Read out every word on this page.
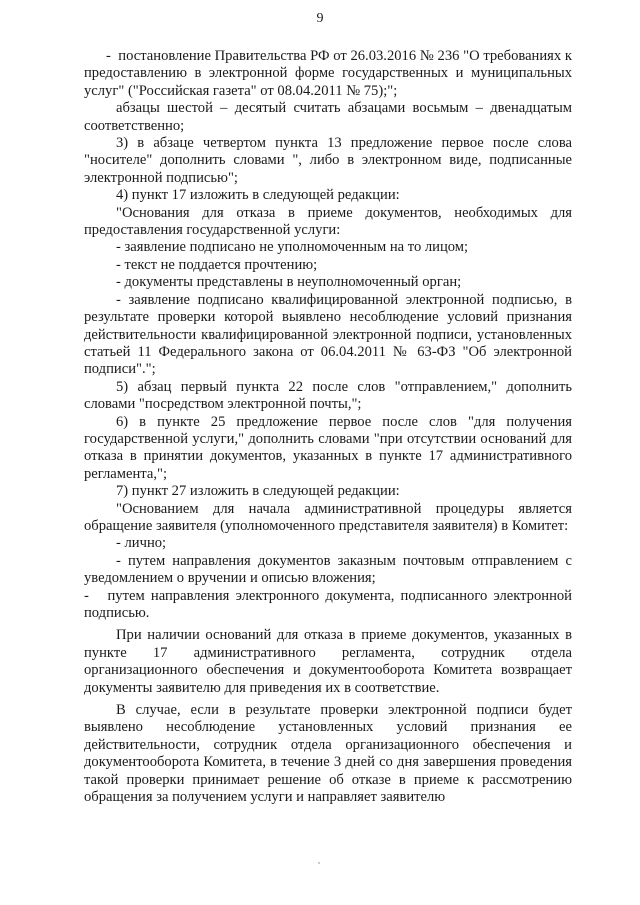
9

-  постановление Правительства РФ от 26.03.2016 № 236 "О требованиях к предоставлению в электронной форме государственных и муниципальных услуг" ("Российская газета" от 08.04.2011 № 75);";

абзацы шестой – десятый считать абзацами восьмым – двенадцатым соответственно;

3) в абзаце четвертом пункта 13 предложение первое после слова "носителе" дополнить словами ", либо в электронном виде, подписанные электронной подписью";

4) пункт 17 изложить в следующей редакции:

"Основания для отказа в приеме документов, необходимых для предоставления государственной услуги:

- заявление подписано не уполномоченным на то лицом;

- текст не поддается прочтению;

- документы представлены в неуполномоченный орган;

- заявление подписано квалифицированной электронной подписью, в результате проверки которой выявлено несоблюдение условий признания действительности квалифицированной электронной подписи, установленных статьей 11 Федерального закона от 06.04.2011 № 63-ФЗ "Об электронной подписи".";

5) абзац первый пункта 22 после слов "отправлением," дополнить словами "посредством электронной почты,";

6) в пункте 25 предложение первое после слов "для получения государственной услуги," дополнить словами "при отсутствии оснований для отказа в принятии документов, указанных в пункте 17 административного регламента,";

7) пункт 27 изложить в следующей редакции:

"Основанием для начала административной процедуры является обращение заявителя (уполномоченного представителя заявителя) в Комитет:

- лично;

- путем направления документов заказным почтовым отправлением с уведомлением о вручении и описью вложения;

-   путем направления электронного документа, подписанного электронной подписью.

При наличии оснований для отказа в приеме документов, указанных в пункте 17 административного регламента, сотрудник отдела организационного обеспечения и документооборота Комитета возвращает документы заявителю для приведения их в соответствие.

В случае, если в результате проверки электронной подписи будет выявлено несоблюдение установленных условий признания ее действительности, сотрудник отдела организационного обеспечения и документооборота Комитета, в течение 3 дней со дня завершения проведения такой проверки принимает решение об отказе в приеме к рассмотрению обращения за получением услуги и направляет заявителю
